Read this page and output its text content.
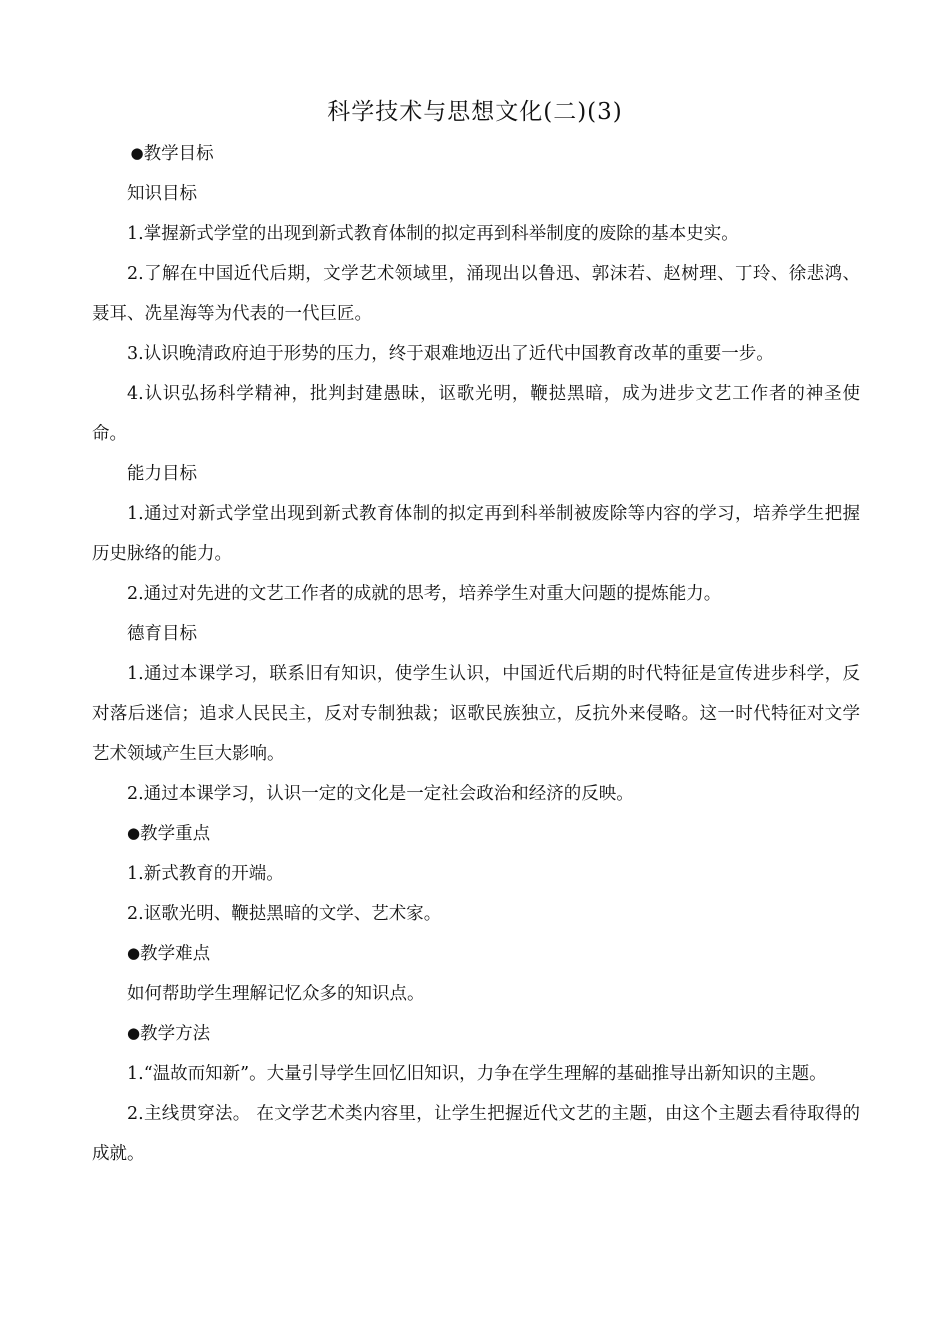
科学技术与思想文化(二)(3)

●教学目标

知识目标

1.掌握新式学堂的出现到新式教育体制的拟定再到科举制度的废除的基本史实。

2.了解在中国近代后期，文学艺术领域里，涌现出以鲁迅、郭沫若、赵树理、丁玲、徐悲鸿、聂耳、冼星海等为代表的一代巨匠。

3.认识晚清政府迫于形势的压力，终于艰难地迈出了近代中国教育改革的重要一步。

4.认识弘扬科学精神，批判封建愚昧，讴歌光明，鞭挞黑暗，成为进步文艺工作者的神圣使命。

能力目标

1.通过对新式学堂出现到新式教育体制的拟定再到科举制被废除等内容的学习，培养学生把握历史脉络的能力。

2.通过对先进的文艺工作者的成就的思考，培养学生对重大问题的提炼能力。

德育目标

1.通过本课学习，联系旧有知识，使学生认识，中国近代后期的时代特征是宣传进步科学，反对落后迷信；追求人民民主，反对专制独裁；讴歌民族独立，反抗外来侵略。这一时代特征对文学艺术领域产生巨大影响。

2.通过本课学习，认识一定的文化是一定社会政治和经济的反映。

●教学重点

1.新式教育的开端。

2.讴歌光明、鞭挞黑暗的文学、艺术家。

●教学难点

如何帮助学生理解记忆众多的知识点。

●教学方法

1.“温故而知新”。大量引导学生回忆旧知识，力争在学生理解的基础推导出新知识的主题。

2.主线贯穿法。 在文学艺术类内容里，让学生把握近代文艺的主题，由这个主题去看待取得的成就。
